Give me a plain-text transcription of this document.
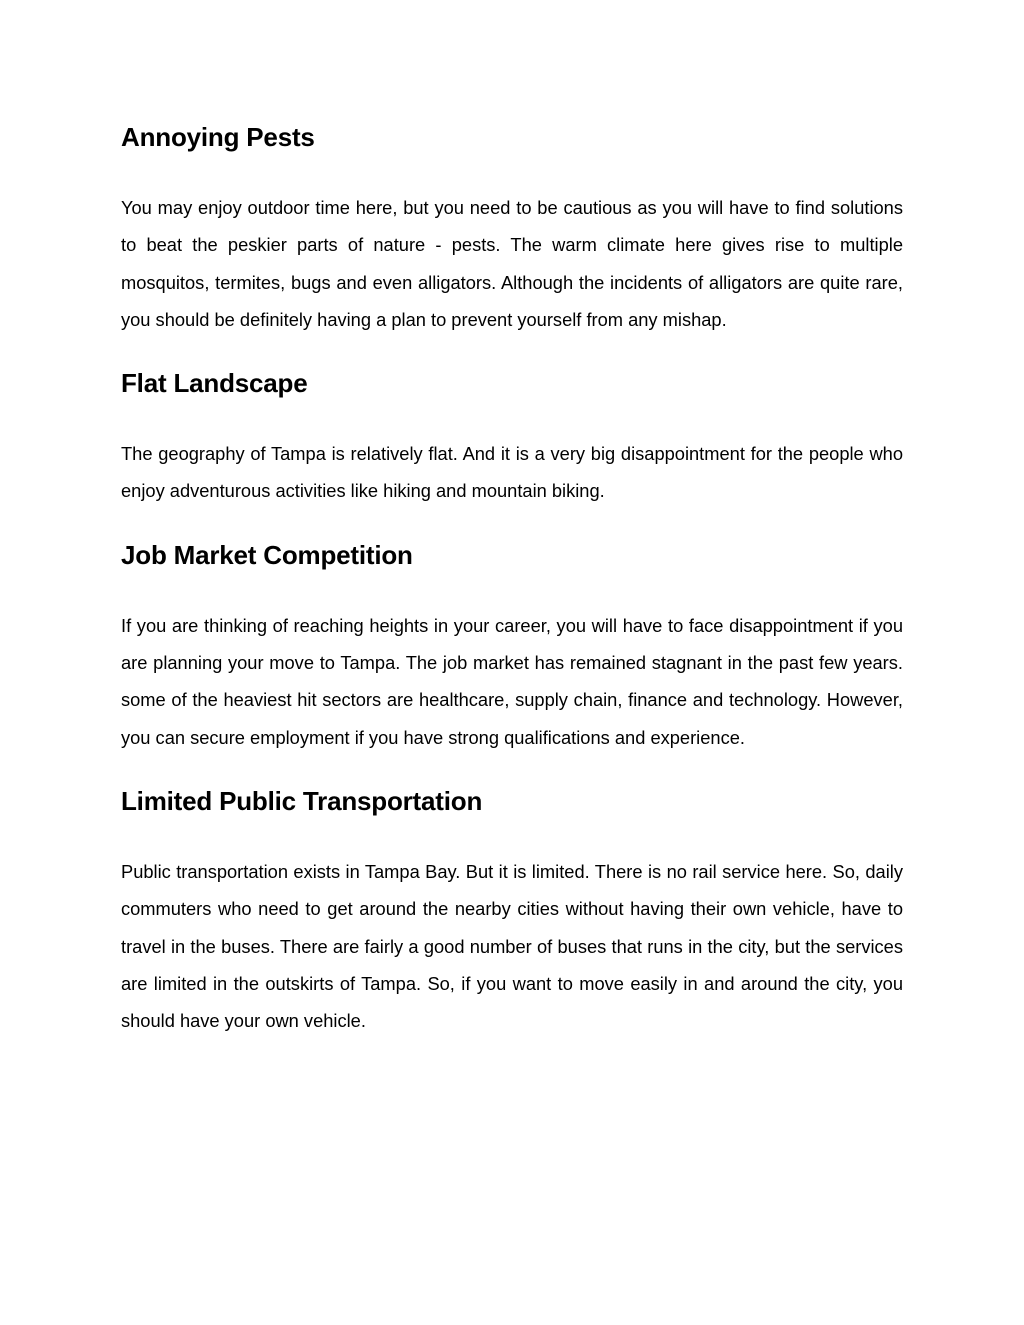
Annoying Pests

You may enjoy outdoor time here, but you need to be cautious as you will have to find solutions to beat the peskier parts of nature - pests. The warm climate here gives rise to multiple mosquitos, termites, bugs and even alligators. Although the incidents of alligators are quite rare, you should be definitely having a plan to prevent yourself from any mishap.

Flat Landscape

The geography of Tampa is relatively flat. And it is a very big disappointment for the people who enjoy adventurous activities like hiking and mountain biking.

Job Market Competition

If you are thinking of reaching heights in your career, you will have to face disappointment if you are planning your move to Tampa. The job market has remained stagnant in the past few years. some of the heaviest hit sectors are healthcare, supply chain, finance and technology. However, you can secure employment if you have strong qualifications and experience.

Limited Public Transportation

Public transportation exists in Tampa Bay. But it is limited. There is no rail service here. So, daily commuters who need to get around the nearby cities without having their own vehicle, have to travel in the buses. There are fairly a good number of buses that runs in the city, but the services are limited in the outskirts of Tampa. So, if you want to move easily in and around the city, you should have your own vehicle.
